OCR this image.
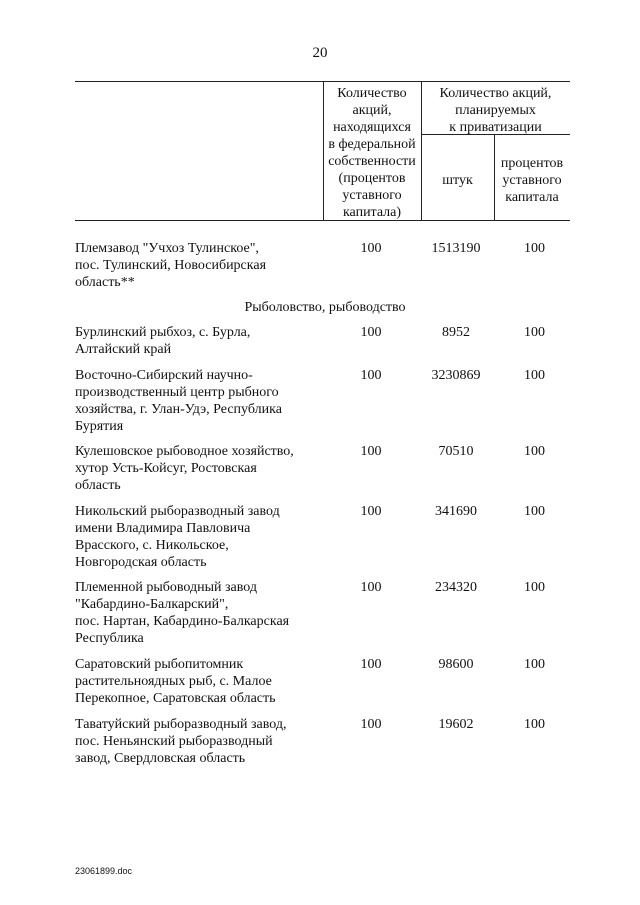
20
Количество
акций,
находящихся
в федеральной
собственности
(процентов
уставного
капитала)
Количество акций,
планируемых
к приватизации
штук
процентов
уставного
капитала
Племзавод "Учхоз Тулинское",
пос. Тулинский, Новосибирская
область**
100	1513190	100
Рыболовство, рыбоводство
Бурлинский рыбхоз, с. Бурла,
Алтайский край
100	8952	100
Восточно-Сибирский научно-
производственный центр рыбного
хозяйства, г. Улан-Удэ, Республика
Бурятия
100	3230869	100
Кулешовское рыбоводное хозяйство,
хутор Усть-Койсуг, Ростовская
область
100	70510	100
Никольский рыборазводный завод
имени Владимира Павловича
Врасского, с. Никольское,
Новгородская область
100	341690	100
Племенной рыбоводный завод
"Кабардино-Балкарский",
пос. Нартан, Кабардино-Балкарская
Республика
100	234320	100
Саратовский рыбопитомник
растительноядных рыб, с. Малое
Перекопное, Саратовская область
100	98600	100
Таватуйский рыборазводный завод,
пос. Неньянский рыборазводный
завод, Свердловская область
100	19602	100
23061899.doc
